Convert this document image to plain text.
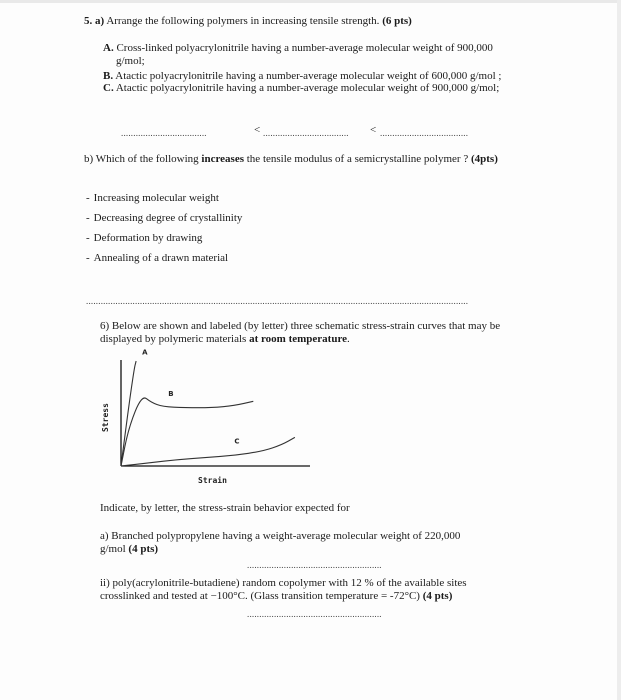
5. a) Arrange the following polymers in increasing tensile strength. (6 pts)
A. Cross-linked polyacrylonitrile having a number-average molecular weight of 900,000
g/mol;
B. Atactic polyacrylonitrile having a number-average molecular weight of 600,000 g/mol ;
C. Atactic polyacrylonitrile having a number-average molecular weight of 900,000 g/mol;
...................................	< ................................... < ....................................
b) Which of the following increases the tensile modulus of a semicrystalline polymer ? (4pts)
- Increasing molecular weight
- Decreasing degree of crystallinity
- Deformation by drawing
- Annealing of a drawn material
............................................................................................................................................................
6) Below are shown and labeled (by letter) three schematic stress-strain curves that may be
displayed by polymeric materials at room temperature.
Stress
Strain
A
B
C
Indicate, by letter, the stress-strain behavior expected for
a) Branched polypropylene having a weight-average molecular weight of 220,000
g/mol (4 pts)
.......................................................
ii) poly(acrylonitrile-butadiene) random copolymer with 12 % of the available sites
crosslinked and tested at −100°C. (Glass transition temperature = -72°C) (4 pts)
.......................................................
